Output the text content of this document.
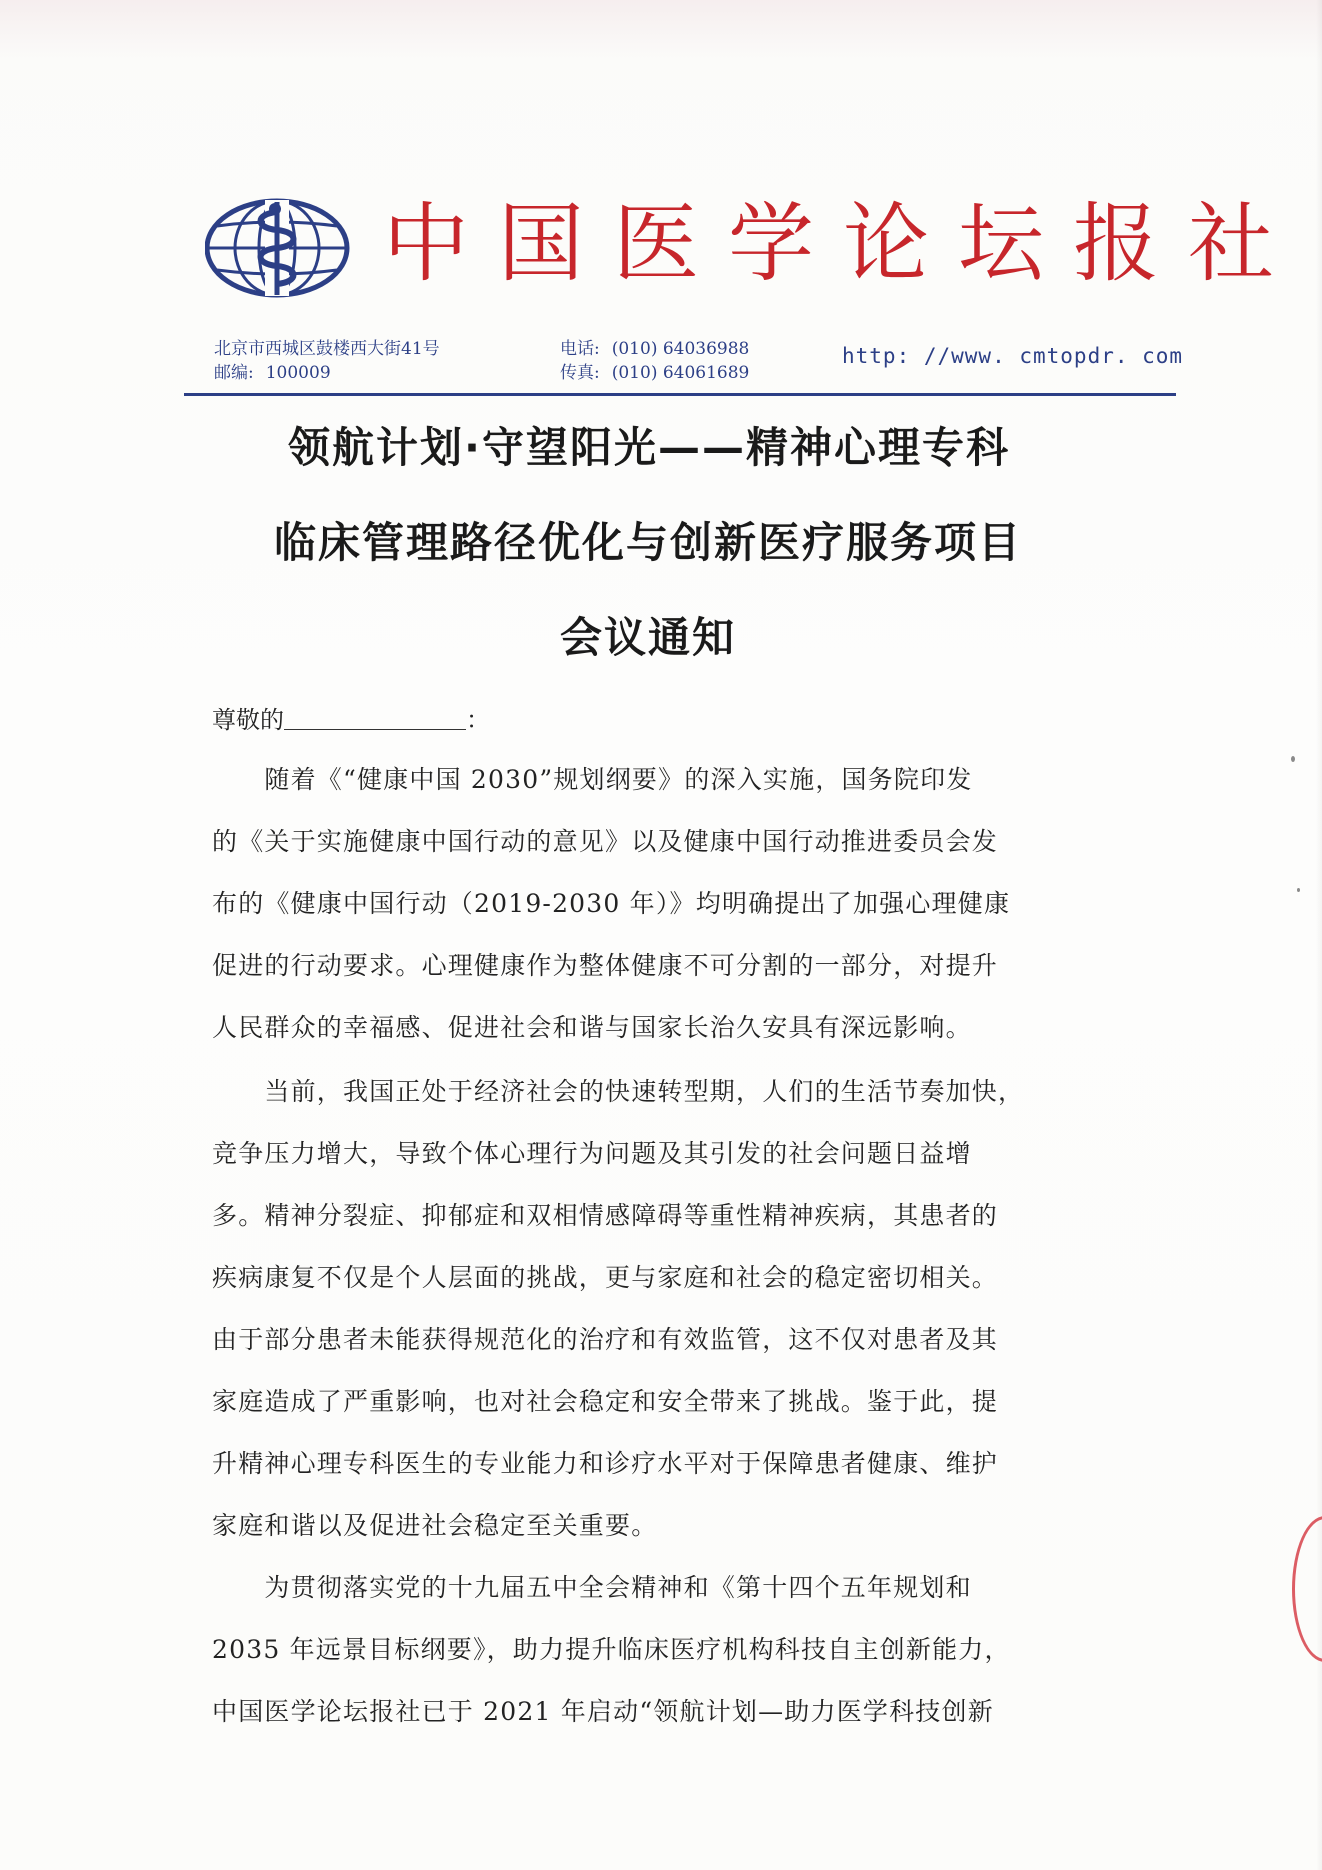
中国医学论坛报社
北京市西城区鼓楼西大街41号
邮编: 100009
电话: (010) 64036988
传真: (010) 64061689
http: //www. cmtopdr. com
领航计划·守望阳光——精神心理专科
临床管理路径优化与创新医疗服务项目
会议通知
尊敬的	：
　　随着《“健康中国 2030”规划纲要》的深入实施，国务院印发
的《关于实施健康中国行动的意见》以及健康中国行动推进委员会发
布的《健康中国行动（2019-2030 年）》均明确提出了加强心理健康
促进的行动要求。心理健康作为整体健康不可分割的一部分，对提升
人民群众的幸福感、促进社会和谐与国家长治久安具有深远影响。
　　当前，我国正处于经济社会的快速转型期，人们的生活节奏加快，
竞争压力增大，导致个体心理行为问题及其引发的社会问题日益增
多。精神分裂症、抑郁症和双相情感障碍等重性精神疾病，其患者的
疾病康复不仅是个人层面的挑战，更与家庭和社会的稳定密切相关。
由于部分患者未能获得规范化的治疗和有效监管，这不仅对患者及其
家庭造成了严重影响，也对社会稳定和安全带来了挑战。鉴于此，提
升精神心理专科医生的专业能力和诊疗水平对于保障患者健康、维护
家庭和谐以及促进社会稳定至关重要。
　　为贯彻落实党的十九届五中全会精神和《第十四个五年规划和
2035 年远景目标纲要》，助力提升临床医疗机构科技自主创新能力，
中国医学论坛报社已于 2021 年启动“领航计划—助力医学科技创新
